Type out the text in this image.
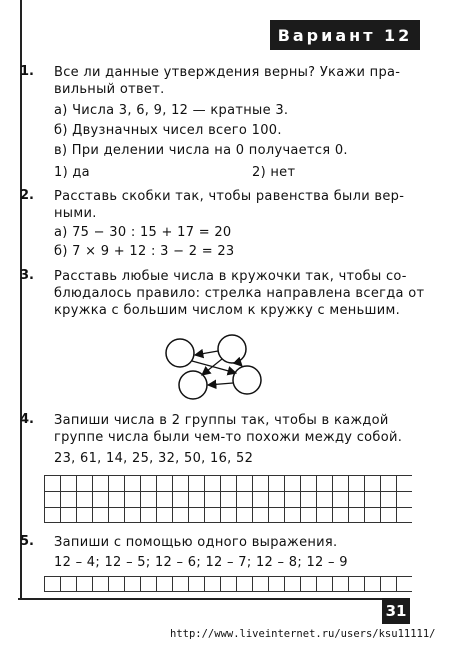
Вариант 12
1. Все ли данные утверждения верны? Укажи пра-
вильный ответ.
а) Числа 3, 6, 9, 12 — кратные 3.
б) Двузначных чисел всего 100.
в) При делении числа на 0 получается 0.
1) да	2) нет
2. Расставь скобки так, чтобы равенства были вер-
ными.
а) 75 − 30 : 15 + 17 = 20
б) 7 × 9 + 12 : 3 − 2 = 23
3. Расставь любые числа в кружочки так, чтобы со-
блюдалось правило: стрелка направлена всегда от
кружка с большим числом к кружку с меньшим.
4. Запиши числа в 2 группы так, чтобы в каждой
группе числа были чем-то похожи между собой.
23, 61, 14, 25, 32, 50, 16, 52
5. Запиши с помощью одного выражения.
12 – 4; 12 – 5; 12 – 6; 12 – 7; 12 – 8; 12 – 9
31
http://www.liveinternet.ru/users/ksu11111/
